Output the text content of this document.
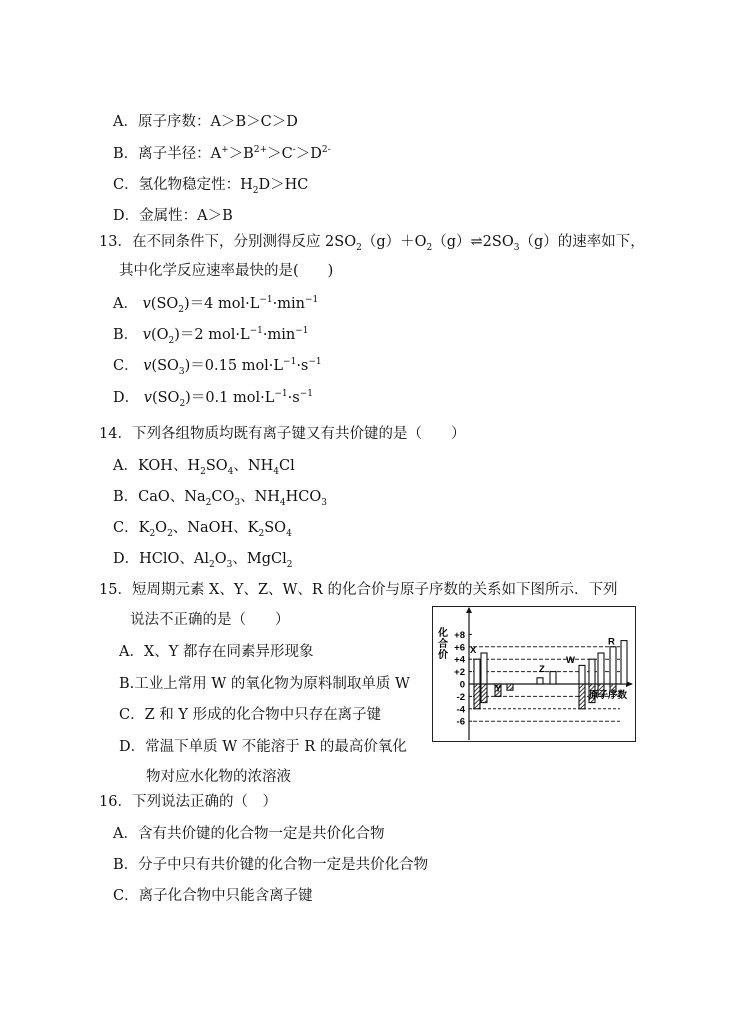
A．原子序数：A＞B＞C＞D
B．离子半径：$A^+>B^{2+}>C^->D^{2-}$
C．氢化物稳定性：$H_2D>HC$
D．金属性：A＞B
13．在不同条件下，分别测得反应 $2SO_2(g)+O_2(g)\rightleftharpoons 2SO_3(g)$的速率如下，
其中化学反应速率最快的是(　　)
A． $v(SO_2)=4$ $mol\cdot L^{-1}\cdot\min^{-1}$
B． $v(O_2)=2$ $mol\cdot L^{-1}\cdot\min^{-1}$
C． $v(SO_3)=0.15$ $mol\cdot L^{-1}\cdot s^{-1}$
D． $v(SO_2)=0.1$ $mol\cdot L^{-1}\cdot s^{-1}$
14．下列各组物质均既有离子键又有共价键的是（　　）
A．KOH、$H_2SO_4$、$NH_4Cl$
B．CaO、$Na_2CO_3$、$NH_4HCO_3$
C．$K_2O_2$、NaOH、$K_2SO_4$
D．HClO、$Al_2O_3$、MgCl$_2$
15．短周期元素 X、Y、Z、W、R 的化合价与原子序数的关系如下图所示．下列
说法不正确的是（　　）
A．X、Y 都存在同素异形现象
B.工业上常用 W 的氧化物为原料制取单质 W
C．Z 和 Y 形成的化合物中只存在离子键
D．常温下单质 W 不能溶于 R 的最高价氧化
物对应水化物的浓溶液
16．下列说法正确的（　）
A．含有共价键的化合物一定是共价化合物
B．分子中只有共价键的化合物一定是共价化合物
C．离子化合物中只能含离子键
+8
+6
+4
+2
0
-2
-4
-6
X
Y
Z
W
R
化合价
原子序数
